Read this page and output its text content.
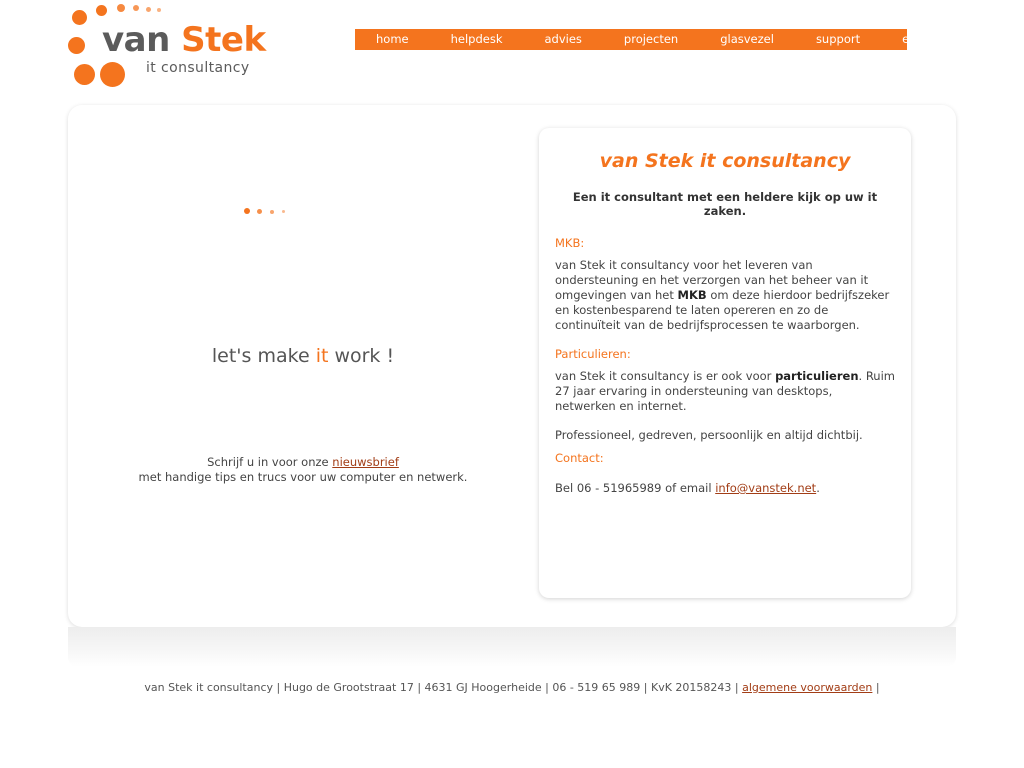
van Stek
it consultancy
home	helpdesk	advies	projecten	glasvezel	support	email
let's make it work !
Schrijf u in voor onze nieuwsbrief
met handige tips en trucs voor uw computer en netwerk.
van Stek it consultancy
Een it consultant met een heldere kijk op uw it zaken.
MKB:

van Stek it consultancy voor het leveren van ondersteuning en het verzorgen van het beheer van it omgevingen van het MKB om deze hierdoor bedrijfszeker en kostenbesparend te laten opereren en zo de continuïteit van de bedrijfsprocessen te waarborgen.

Particulieren:

van Stek it consultancy is er ook voor particulieren. Ruim 27 jaar ervaring in ondersteuning van desktops, netwerken en internet.

Professioneel, gedreven, persoonlijk en altijd dichtbij.

Contact:
Bel 06 - 51965989 of email info@vanstek.net.
van Stek it consultancy | Hugo de Grootstraat 17 | 4631 GJ Hoogerheide | 06 - 519 65 989 | KvK 20158243 | algemene voorwaarden |
